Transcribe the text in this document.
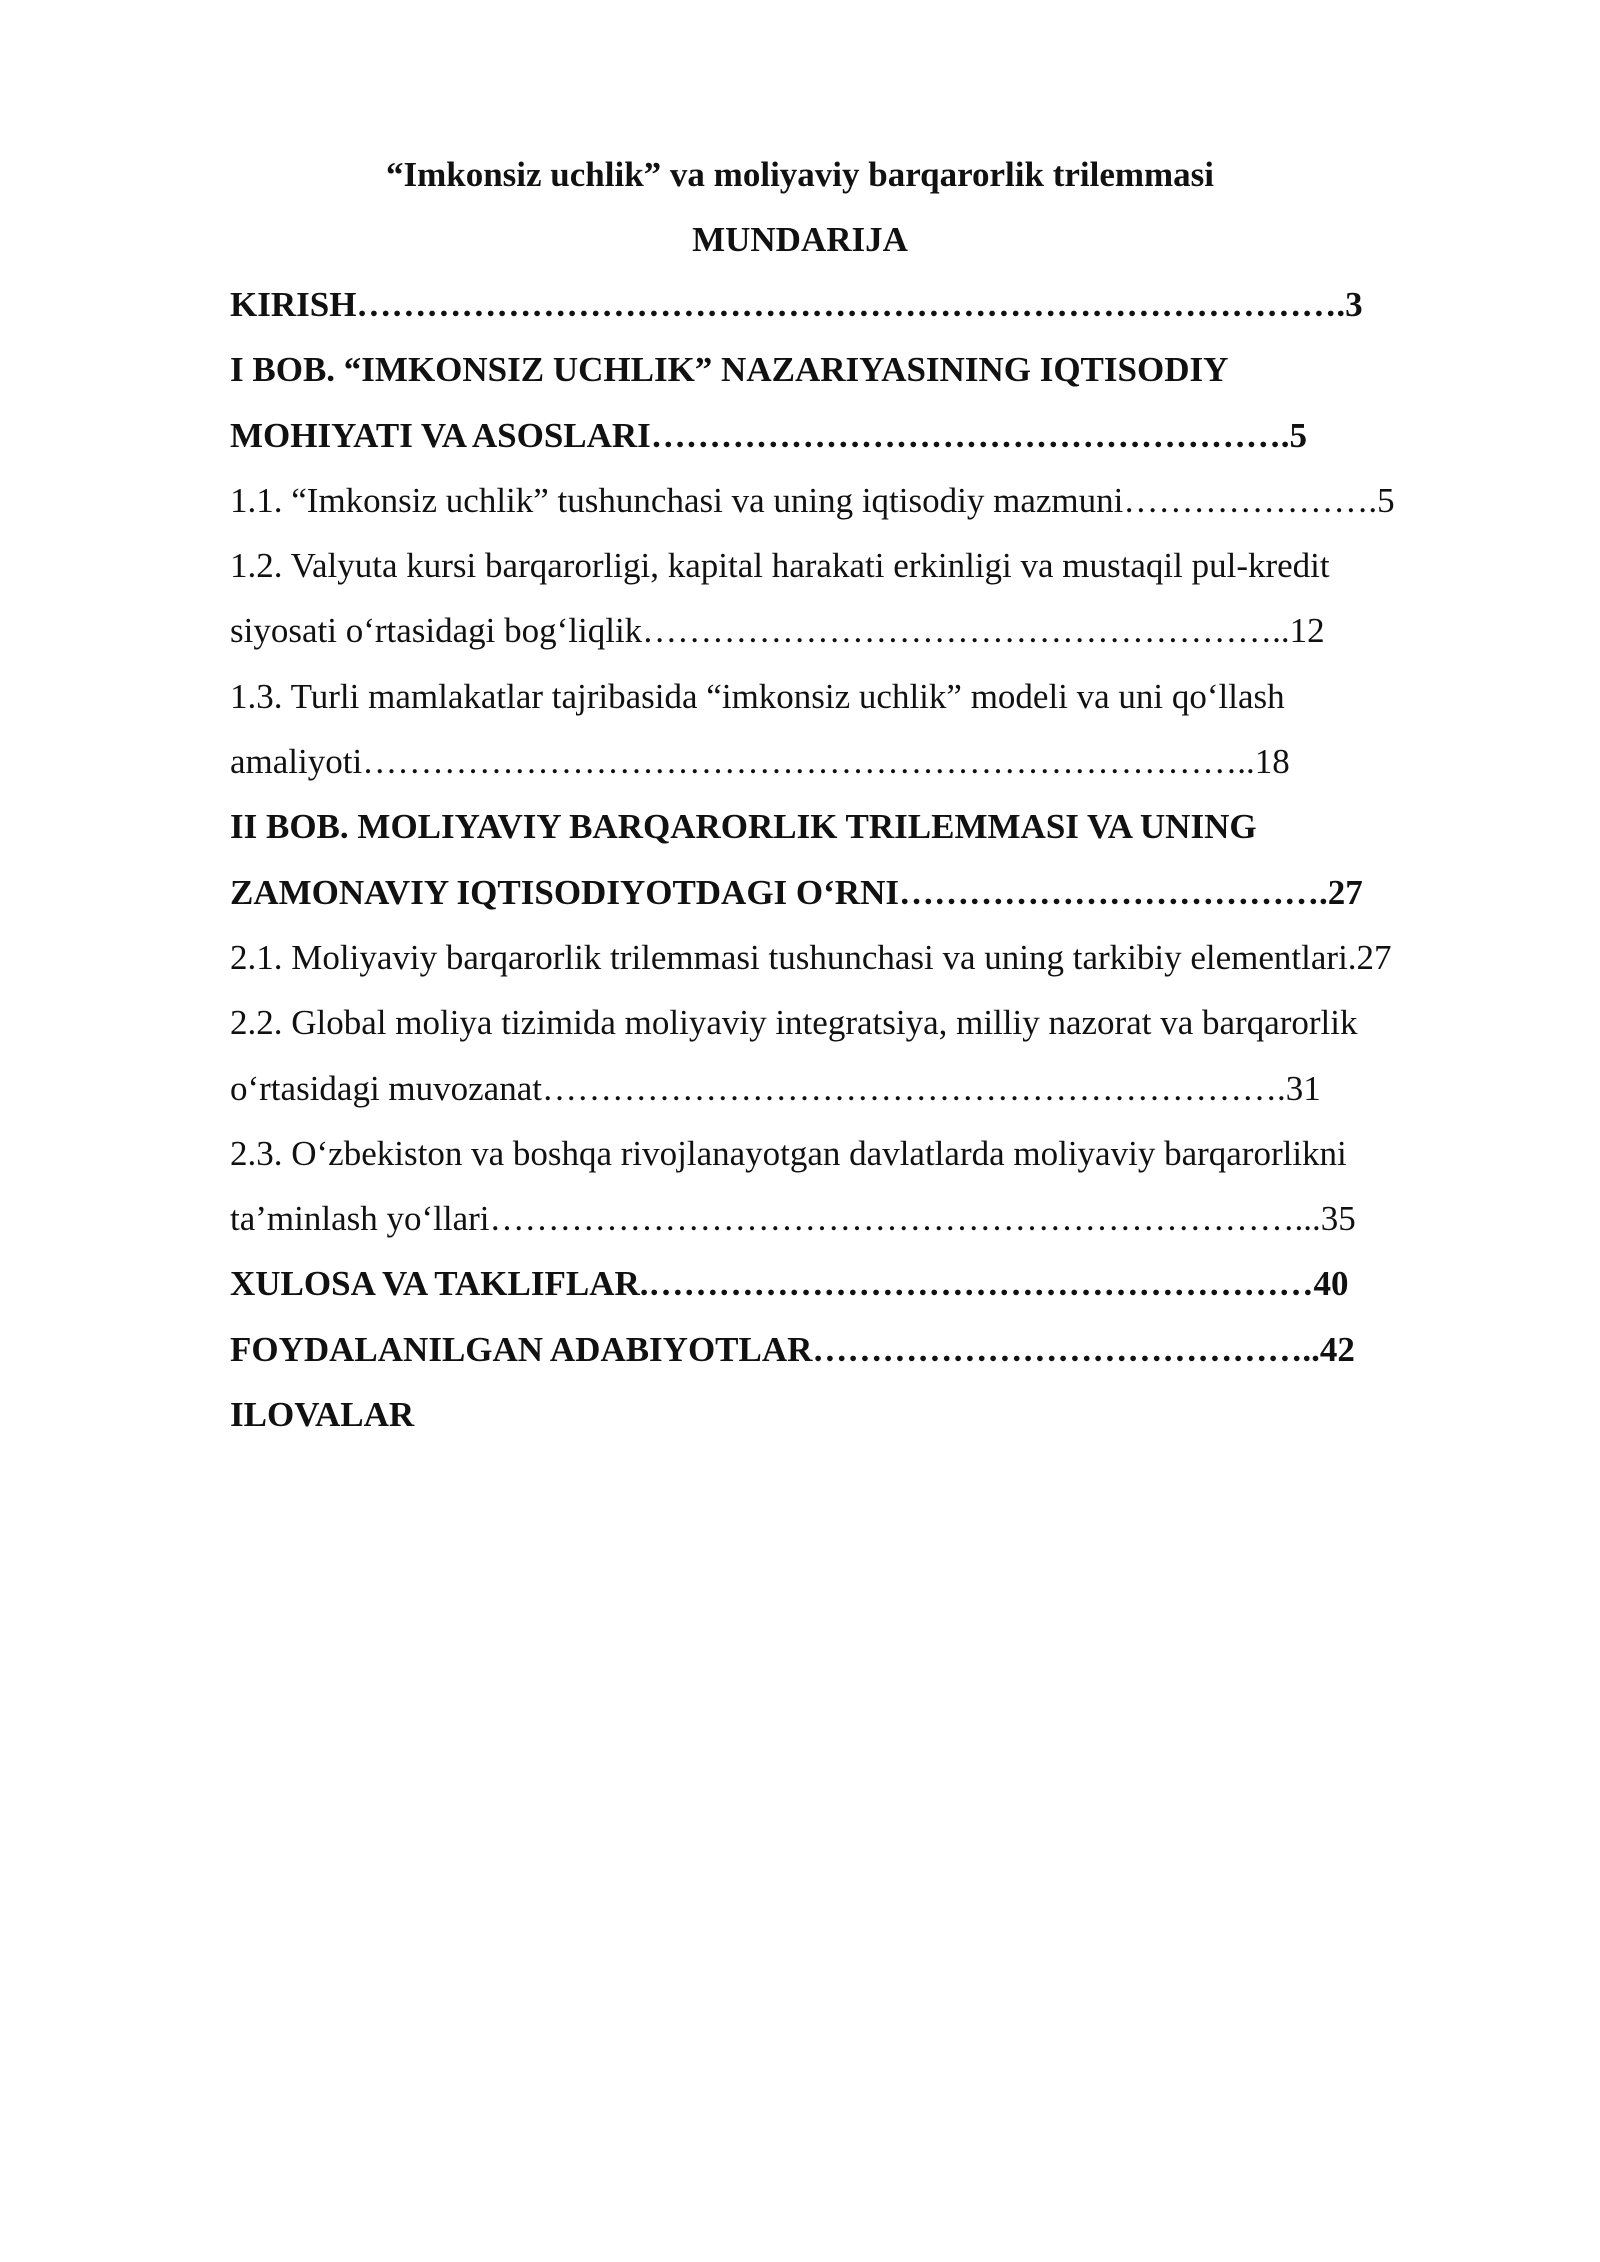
“Imkonsiz uchlik” va moliyaviy barqarorlik trilemmasi
MUNDARIJA
KIRISH………………………………………………………………………….3
I BOB. “IMKONSIZ UCHLIK” NAZARIYASINING IQTISODIY
MOHIYATI VA ASOSLARI……………………………………………….5
1.1. “Imkonsiz uchlik” tushunchasi va uning iqtisodiy mazmuni………………….5
1.2. Valyuta kursi barqarorligi, kapital harakati erkinligi va mustaqil pul-kredit
siyosati o‘rtasidagi bog‘liqlik………………………………………………..12
1.3. Turli mamlakatlar tajribasida “imkonsiz uchlik” modeli va uni qo‘llash
amaliyoti…………………………………………………………………..18
II BOB. MOLIYAVIY BARQARORLIK TRILEMMASI VA UNING
ZAMONAVIY IQTISODIYOTDAGI O‘RNI……………………………….27
2.1. Moliyaviy barqarorlik trilemmasi tushunchasi va uning tarkibiy elementlari.27
2.2. Global moliya tizimida moliyaviy integratsiya, milliy nazorat va barqarorlik
o‘rtasidagi muvozanat……………………………………………………….31
2.3. O‘zbekiston va boshqa rivojlanayotgan davlatlarda moliyaviy barqarorlikni
ta’minlash yo‘llari……………………………………………………………...35
XULOSA VA TAKLIFLAR.…………………………………………………40
FOYDALANILGAN ADABIYOTLAR……………………………………..42
ILOVALAR
